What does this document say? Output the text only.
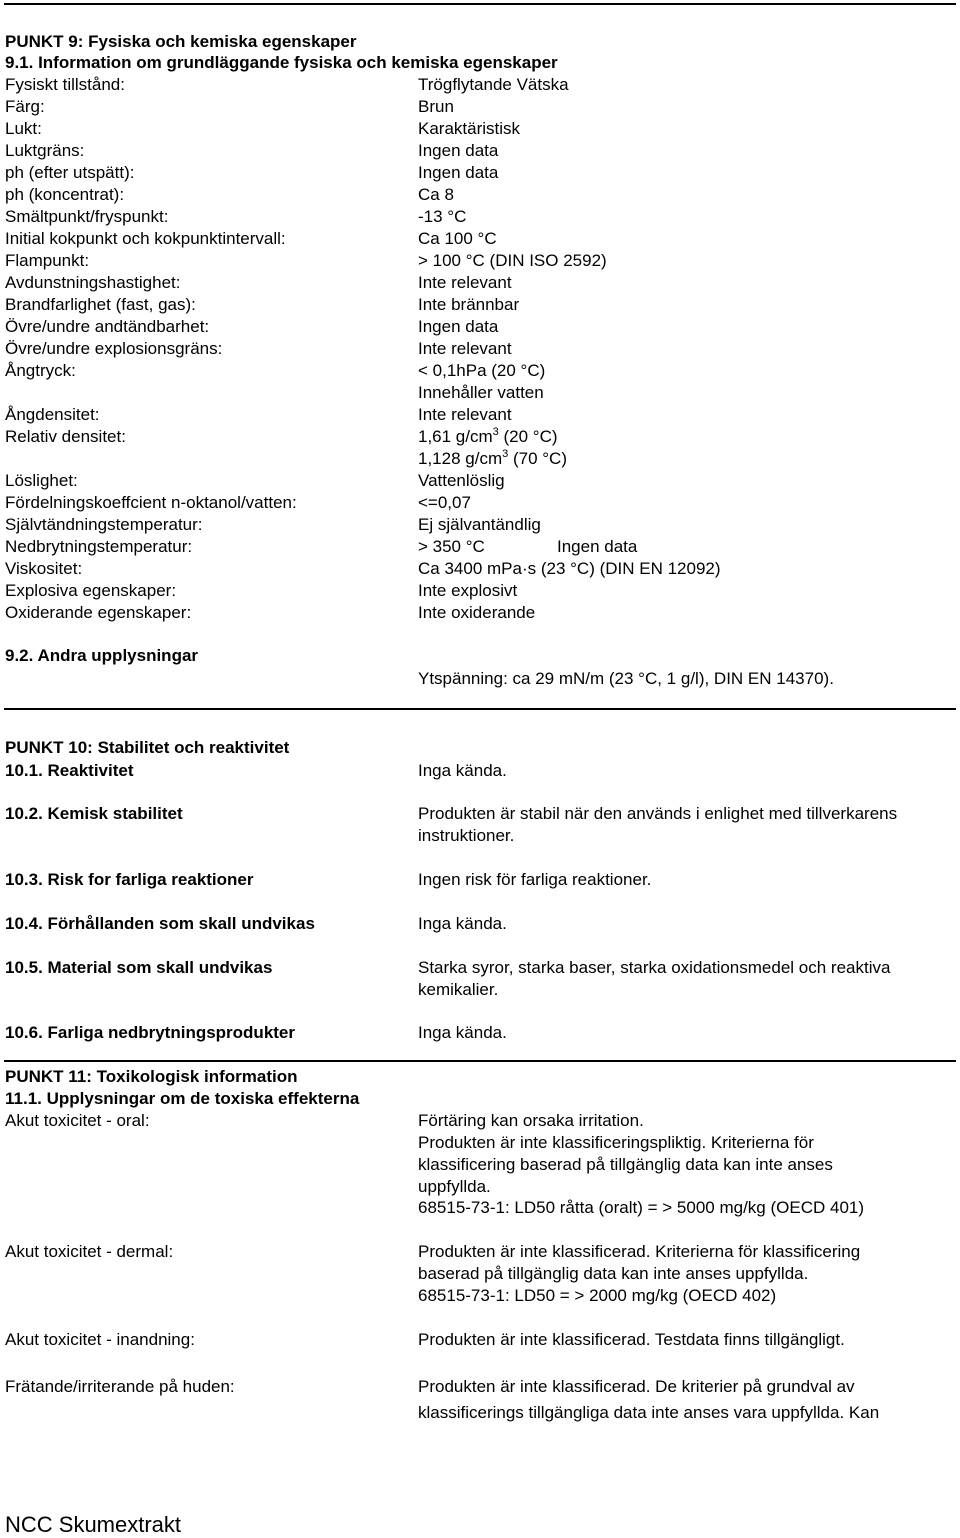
PUNKT 9: Fysiska och kemiska egenskaper
9.1. Information om grundläggande fysiska och kemiska egenskaper
Fysiskt tillstånd:	Trögflytande Vätska
Färg:	Brun
Lukt:	Karaktäristisk
Luktgräns:	Ingen data
ph (efter utspätt):	Ingen data
ph (koncentrat):	Ca 8
Smältpunkt/fryspunkt:	-13 °C
Initial kokpunkt och kokpunktintervall:	Ca 100 °C
Flampunkt:	> 100 °C (DIN ISO 2592)
Avdunstningshastighet:	Inte relevant
Brandfarlighet (fast, gas):	Inte brännbar
Övre/undre andtändbarhet:	Ingen data
Övre/undre explosionsgräns:	Inte relevant
Ångtryck:	< 0,1hPa (20 °C)
Innehåller vatten
Ångdensitet:	Inte relevant
Relativ densitet:	1,61 $g/cm^3$ (20 °C)
1,128 $g/cm^3$ (70 °C)
Löslighet:	Vattenlöslig
Fördelningskoeffcient n-oktanol/vatten:	<=0,07
Självtändningstemperatur:	Ej självantändlig
Nedbrytningstemperatur:	> 350 °C	Ingen data
Viskositet:	Ca 3400 mPa·s (23 °C) (DIN EN 12092)
Explosiva egenskaper:	Inte explosivt
Oxiderande egenskaper:	Inte oxiderande
9.2. Andra upplysningar
Ytspänning: ca 29 mN/m (23 °C, 1 g/l), DIN EN 14370).
PUNKT 10: Stabilitet och reaktivitet
10.1. Reaktivitet	Inga kända.
10.2. Kemisk stabilitet	Produkten är stabil när den används i enlighet med tillverkarens instruktioner.
10.3. Risk for farliga reaktioner	Ingen risk för farliga reaktioner.
10.4. Förhållanden som skall undvikas	Inga kända.
10.5. Material som skall undvikas	Starka syror, starka baser, starka oxidationsmedel och reaktiva kemikalier.
10.6. Farliga nedbrytningsprodukter	Inga kända.
PUNKT 11: Toxikologisk information
11.1. Upplysningar om de toxiska effekterna
Akut toxicitet - oral:	Förtäring kan orsaka irritation.
Produkten är inte klassificeringspliktig. Kriterierna för
klassificering baserad på tillgänglig data kan inte anses
uppfyllda.
68515-73-1: LD50 råtta (oralt) = > 5000 mg/kg (OECD 401)
Akut toxicitet - dermal:	Produkten är inte klassificerad. Kriterierna för klassificering
baserad på tillgänglig data kan inte anses uppfyllda.
68515-73-1: LD50 = > 2000 mg/kg (OECD 402)
Akut toxicitet - inandning:	Produkten är inte klassificerad. Testdata finns tillgängligt.
Frätande/irriterande på huden:	Produkten är inte klassificerad. De kriterier på grundval av
klassificerings tillgängliga data inte anses vara uppfyllda. Kan
NCC Skumextrakt
